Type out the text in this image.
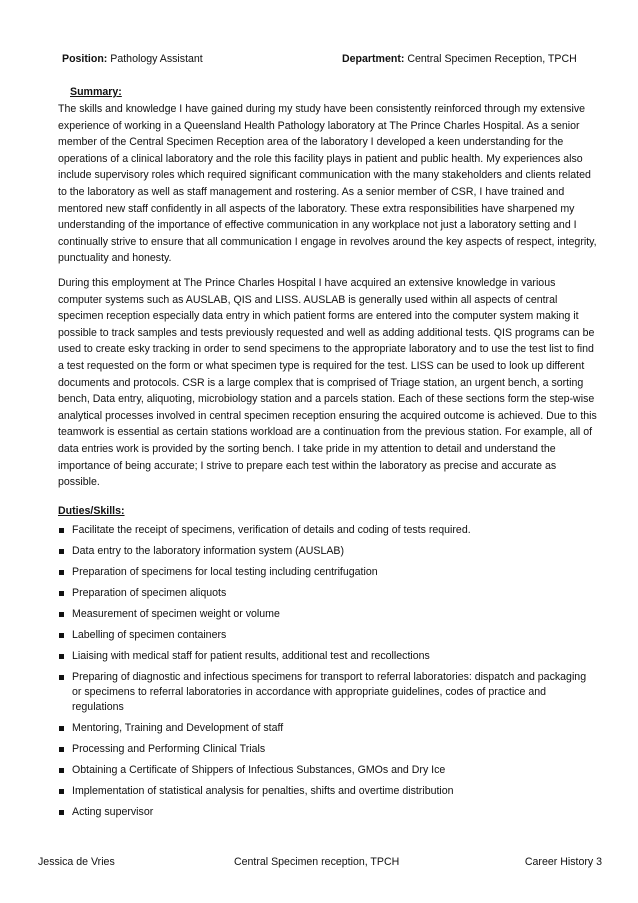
Position: Pathology Assistant	Department: Central Specimen Reception, TPCH
Summary:

The skills and knowledge I have gained during my study have been consistently reinforced through my extensive experience of working in a Queensland Health Pathology laboratory at The Prince Charles Hospital. As a senior member of the Central Specimen Reception area of the laboratory I developed a keen understanding for the operations of a clinical laboratory and the role this facility plays in patient and public health. My experiences also include supervisory roles which required significant communication with the many stakeholders and clients related to the laboratory as well as staff management and rostering. As a senior member of CSR, I have trained and mentored new staff confidently in all aspects of the laboratory. These extra responsibilities have sharpened my understanding of the importance of effective communication in any workplace not just a laboratory setting and I continually strive to ensure that all communication I engage in revolves around the key aspects of respect, integrity, punctuality and honesty.

During this employment at The Prince Charles Hospital I have acquired an extensive knowledge in various computer systems such as AUSLAB, QIS and LISS. AUSLAB is generally used within all aspects of central specimen reception especially data entry in which patient forms are entered into the computer system making it possible to track samples and tests previously requested and well as adding additional tests. QIS programs can be used to create esky tracking in order to send specimens to the appropriate laboratory and to use the test list to find a test requested on the form or what specimen type is required for the test. LISS can be used to look up different documents and protocols. CSR is a large complex that is comprised of Triage station, an urgent bench, a sorting bench, Data entry, aliquoting, microbiology station and a parcels station. Each of these sections form the step-wise analytical processes involved in central specimen reception ensuring the acquired outcome is achieved. Due to this teamwork is essential as certain stations workload are a continuation from the previous station. For example, all of data entries work is provided by the sorting bench. I take pride in my attention to detail and understand the importance of being accurate; I strive to prepare each test within the laboratory as precise and accurate as possible.

Duties/Skills:
Facilitate the receipt of specimens, verification of details and coding of tests required.
Data entry to the laboratory information system (AUSLAB)
Preparation of specimens for local testing including centrifugation
Preparation of specimen aliquots
Measurement of specimen weight or volume
Labelling of specimen containers
Liaising with medical staff for patient results, additional test and recollections
Preparing of diagnostic and infectious specimens for transport to referral laboratories: dispatch and packaging or specimens to referral laboratories in accordance with appropriate guidelines, codes of practice and regulations
Mentoring, Training and Development of staff
Processing and Performing Clinical Trials
Obtaining a Certificate of Shippers of Infectious Substances, GMOs and Dry Ice
Implementation of statistical analysis for penalties, shifts and overtime distribution
Acting supervisor
Jessica de Vries	Central Specimen reception, TPCH	Career History 3
